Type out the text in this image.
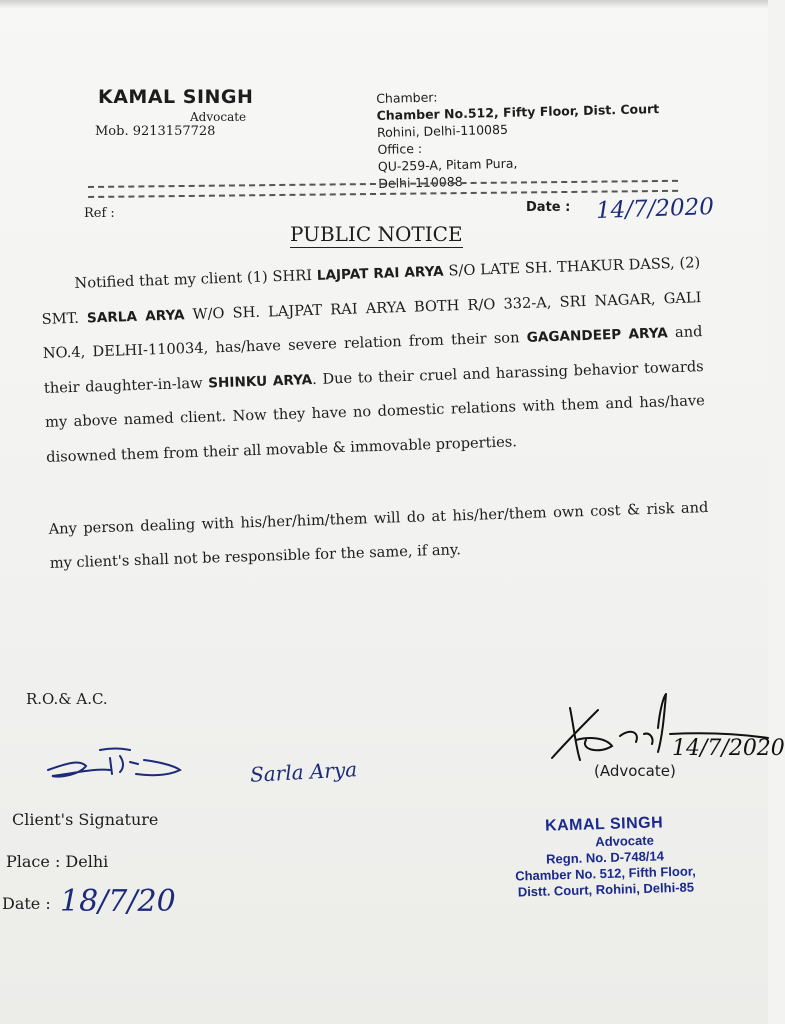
KAMAL SINGH
Advocate
Mob. 9213157728
Chamber:
Chamber No.512, Fifty Floor, Dist. Court
Rohini, Delhi-110085
Office :
QU-259-A, Pitam Pura,
Delhi-110088
Ref :	Date : 14/7/2020
PUBLIC NOTICE

Notified that my client (1) SHRI LAJPAT RAI ARYA S/O LATE SH. THAKUR DASS, (2) SMT. SARLA ARYA W/O SH. LAJPAT RAI ARYA BOTH R/O 332-A, SRI NAGAR, GALI NO.4, DELHI-110034, has/have severe relation from their son GAGANDEEP ARYA and their daughter-in-law SHINKU ARYA. Due to their cruel and harassing behavior towards my above named client. Now they have no domestic relations with them and has/have disowned them from their all movable & immovable properties.

Any person dealing with his/her/him/them will do at his/her/them own cost & risk and my client's shall not be responsible for the same, if any.

R.O.& A.C.
Sarla Arya
14/7/2020
(Advocate)
Client's Signature
Place : Delhi
Date : 18/7/20
KAMAL SINGH
Advocate
Regn. No. D-748/14
Chamber No. 512, Fifth Floor,
Distt. Court, Rohini, Delhi-85
